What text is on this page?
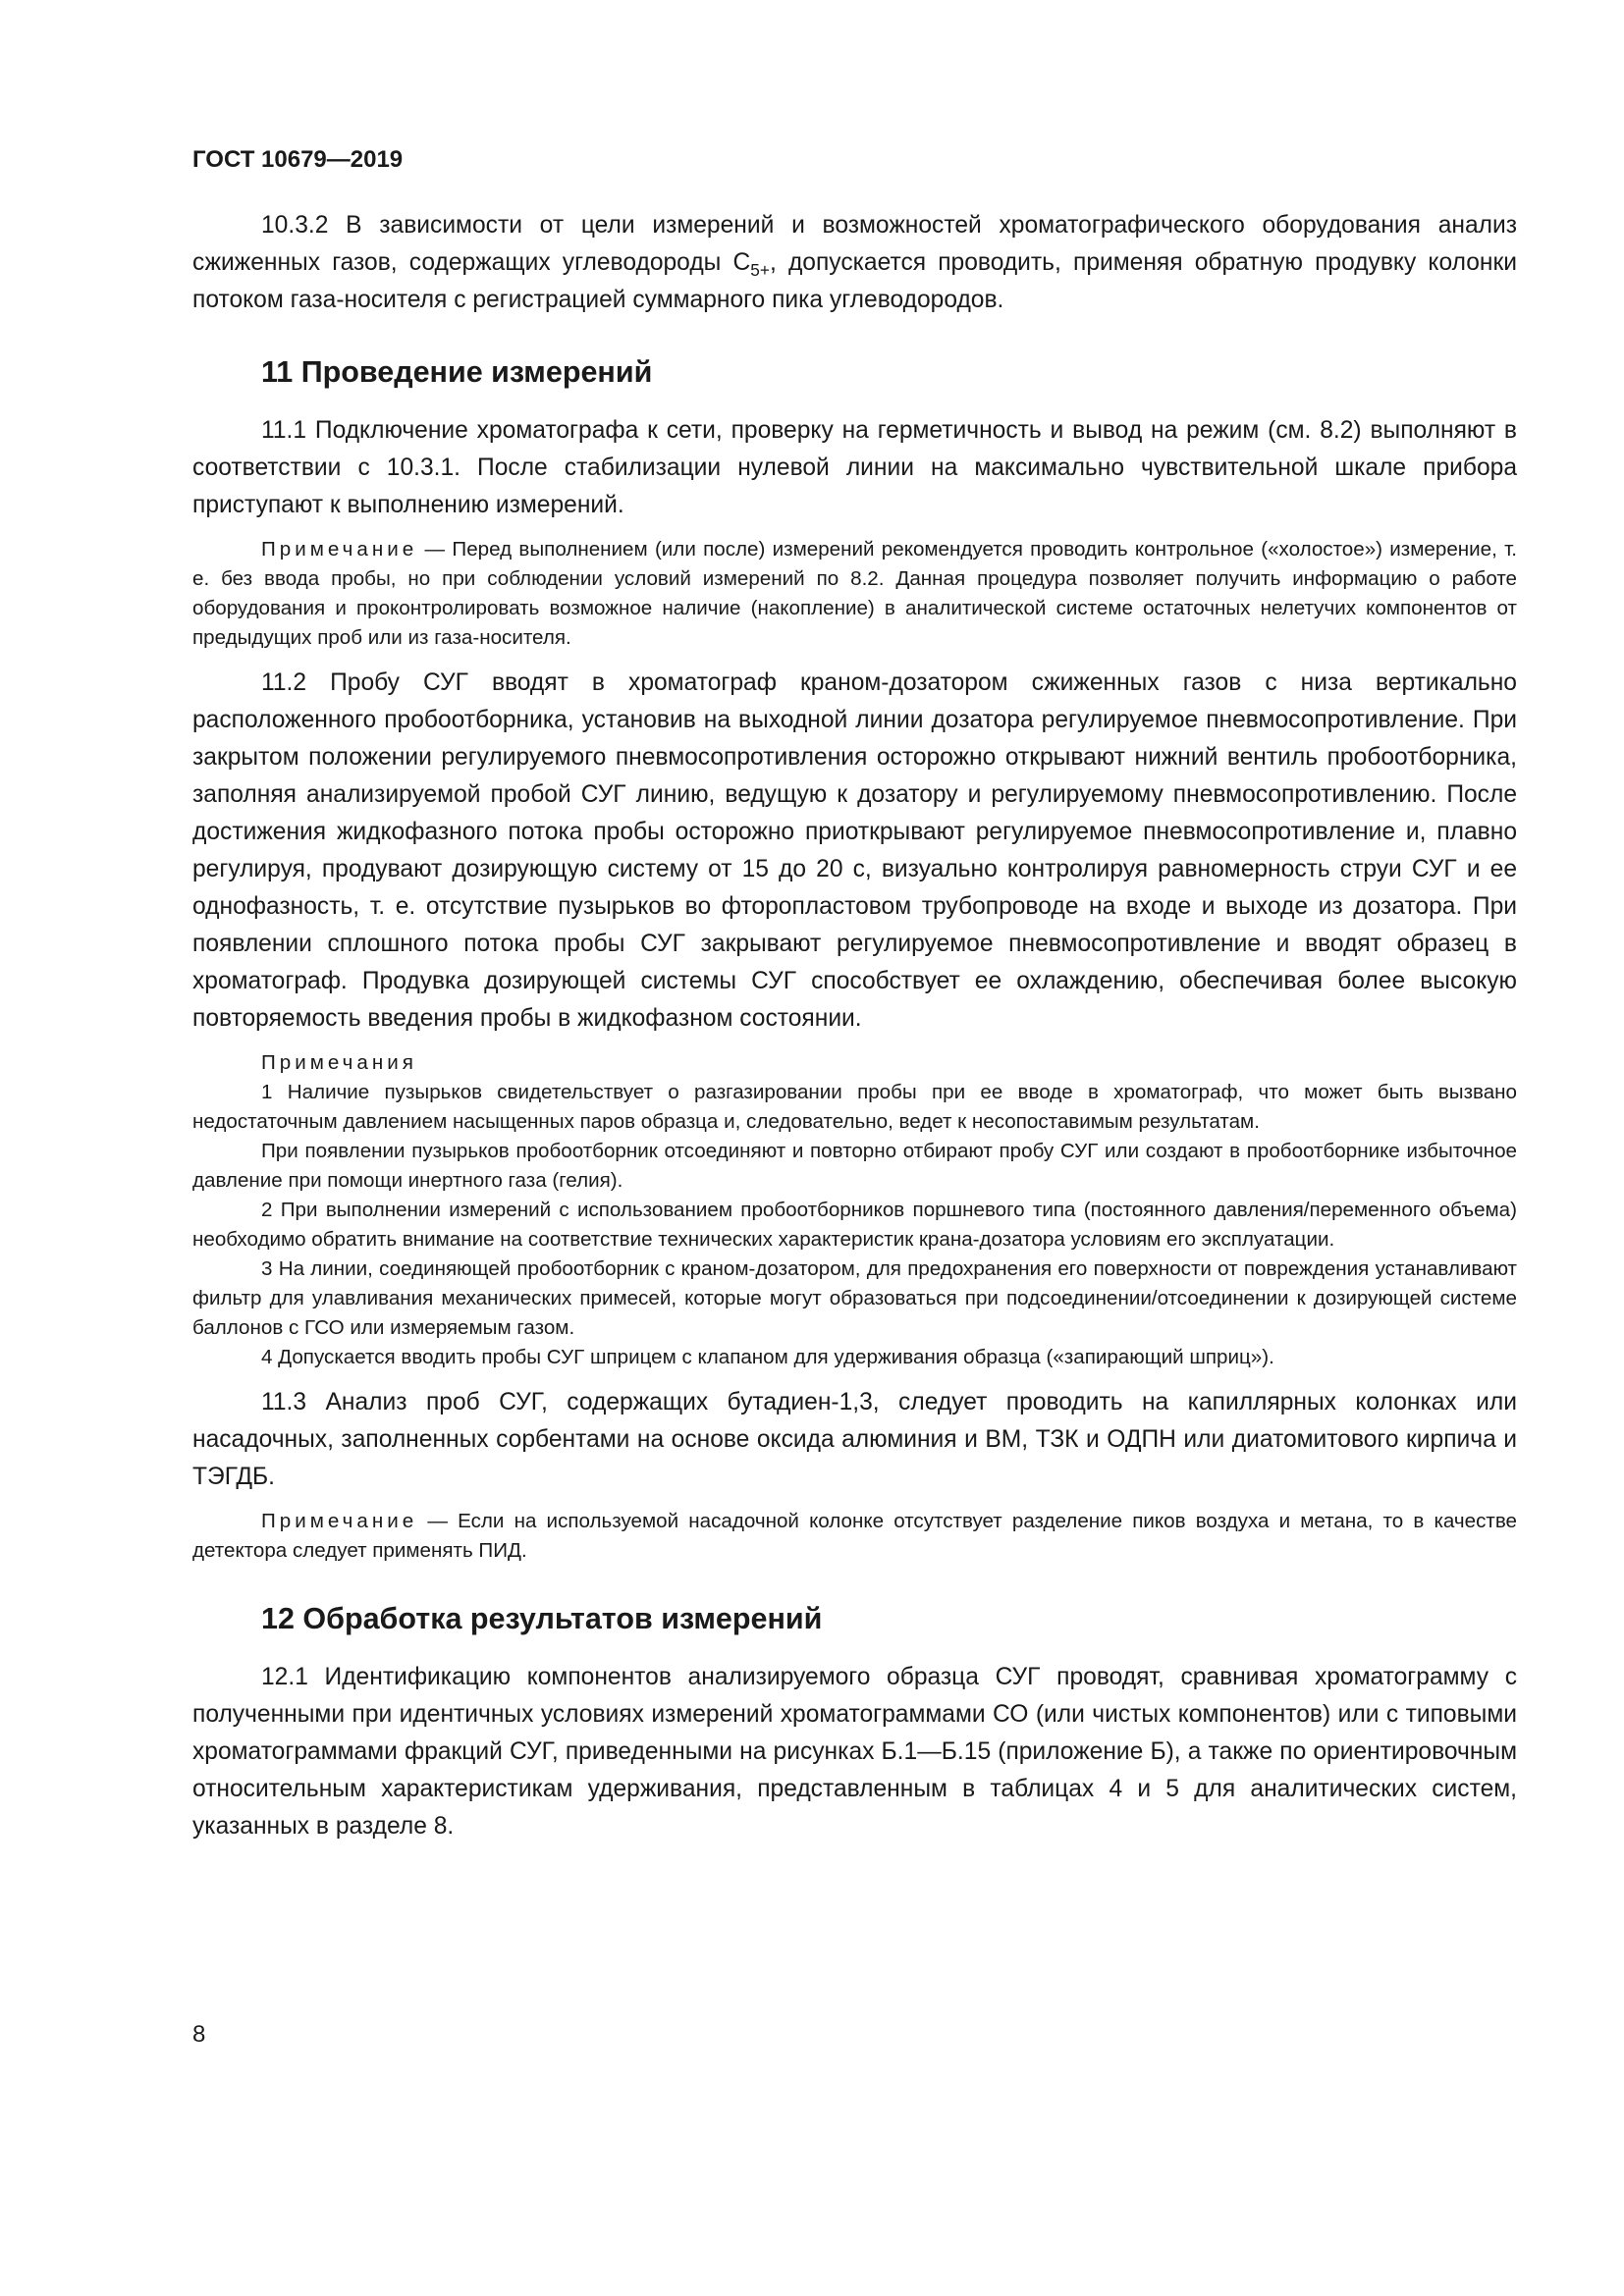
ГОСТ 10679—2019

10.3.2 В зависимости от цели измерений и возможностей хроматографического оборудования анализ сжиженных газов, содержащих углеводороды $С_{5+}$, допускается проводить, применяя обратную продувку колонки потоком газа-носителя с регистрацией суммарного пика углеводородов.

11 Проведение измерений

11.1 Подключение хроматографа к сети, проверку на герметичность и вывод на режим (см. 8.2) выполняют в соответствии с 10.3.1. После стабилизации нулевой линии на максимально чувствительной шкале прибора приступают к выполнению измерений.

Примечание — Перед выполнением (или после) измерений рекомендуется проводить контрольное («холостое») измерение, т. е. без ввода пробы, но при соблюдении условий измерений по 8.2. Данная процедура позволяет получить информацию о работе оборудования и проконтролировать возможное наличие (накопление) в аналитической системе остаточных нелетучих компонентов от предыдущих проб или из газа-носителя.

11.2 Пробу СУГ вводят в хроматограф краном-дозатором сжиженных газов с низа вертикально расположенного пробоотборника, установив на выходной линии дозатора регулируемое пневмосопротивление. При закрытом положении регулируемого пневмосопротивления осторожно открывают нижний вентиль пробоотборника, заполняя анализируемой пробой СУГ линию, ведущую к дозатору и регулируемому пневмосопротивлению. После достижения жидкофазного потока пробы осторожно приоткрывают регулируемое пневмосопротивление и, плавно регулируя, продувают дозирующую систему от 15 до 20 с, визуально контролируя равномерность струи СУГ и ее однофазность, т. е. отсутствие пузырьков во фторопластовом трубопроводе на входе и выходе из дозатора. При появлении сплошного потока пробы СУГ закрывают регулируемое пневмосопротивление и вводят образец в хроматограф. Продувка дозирующей системы СУГ способствует ее охлаждению, обеспечивая более высокую повторяемость введения пробы в жидкофазном состоянии.

Примечания

1 Наличие пузырьков свидетельствует о разгазировании пробы при ее вводе в хроматограф, что может быть вызвано недостаточным давлением насыщенных паров образца и, следовательно, ведет к несопоставимым результатам.

При появлении пузырьков пробоотборник отсоединяют и повторно отбирают пробу СУГ или создают в пробоотборнике избыточное давление при помощи инертного газа (гелия).

2 При выполнении измерений с использованием пробоотборников поршневого типа (постоянного давления/переменного объема) необходимо обратить внимание на соответствие технических характеристик крана-дозатора условиям его эксплуатации.

3 На линии, соединяющей пробоотборник с краном-дозатором, для предохранения его поверхности от повреждения устанавливают фильтр для улавливания механических примесей, которые могут образоваться при подсоединении/отсоединении к дозирующей системе баллонов с ГСО или измеряемым газом.

4 Допускается вводить пробы СУГ шприцем с клапаном для удерживания образца («запирающий шприц»).

11.3 Анализ проб СУГ, содержащих бутадиен-1,3, следует проводить на капиллярных колонках или насадочных, заполненных сорбентами на основе оксида алюминия и ВМ, ТЗК и ОДПН или диатомитового кирпича и ТЭГДБ.

Примечание — Если на используемой насадочной колонке отсутствует разделение пиков воздуха и метана, то в качестве детектора следует применять ПИД.

12 Обработка результатов измерений

12.1 Идентификацию компонентов анализируемого образца СУГ проводят, сравнивая хроматограмму с полученными при идентичных условиях измерений хроматограммами СО (или чистых компонентов) или с типовыми хроматограммами фракций СУГ, приведенными на рисунках Б.1—Б.15 (приложение Б), а также по ориентировочным относительным характеристикам удерживания, представленным в таблицах 4 и 5 для аналитических систем, указанных в разделе 8.

8
